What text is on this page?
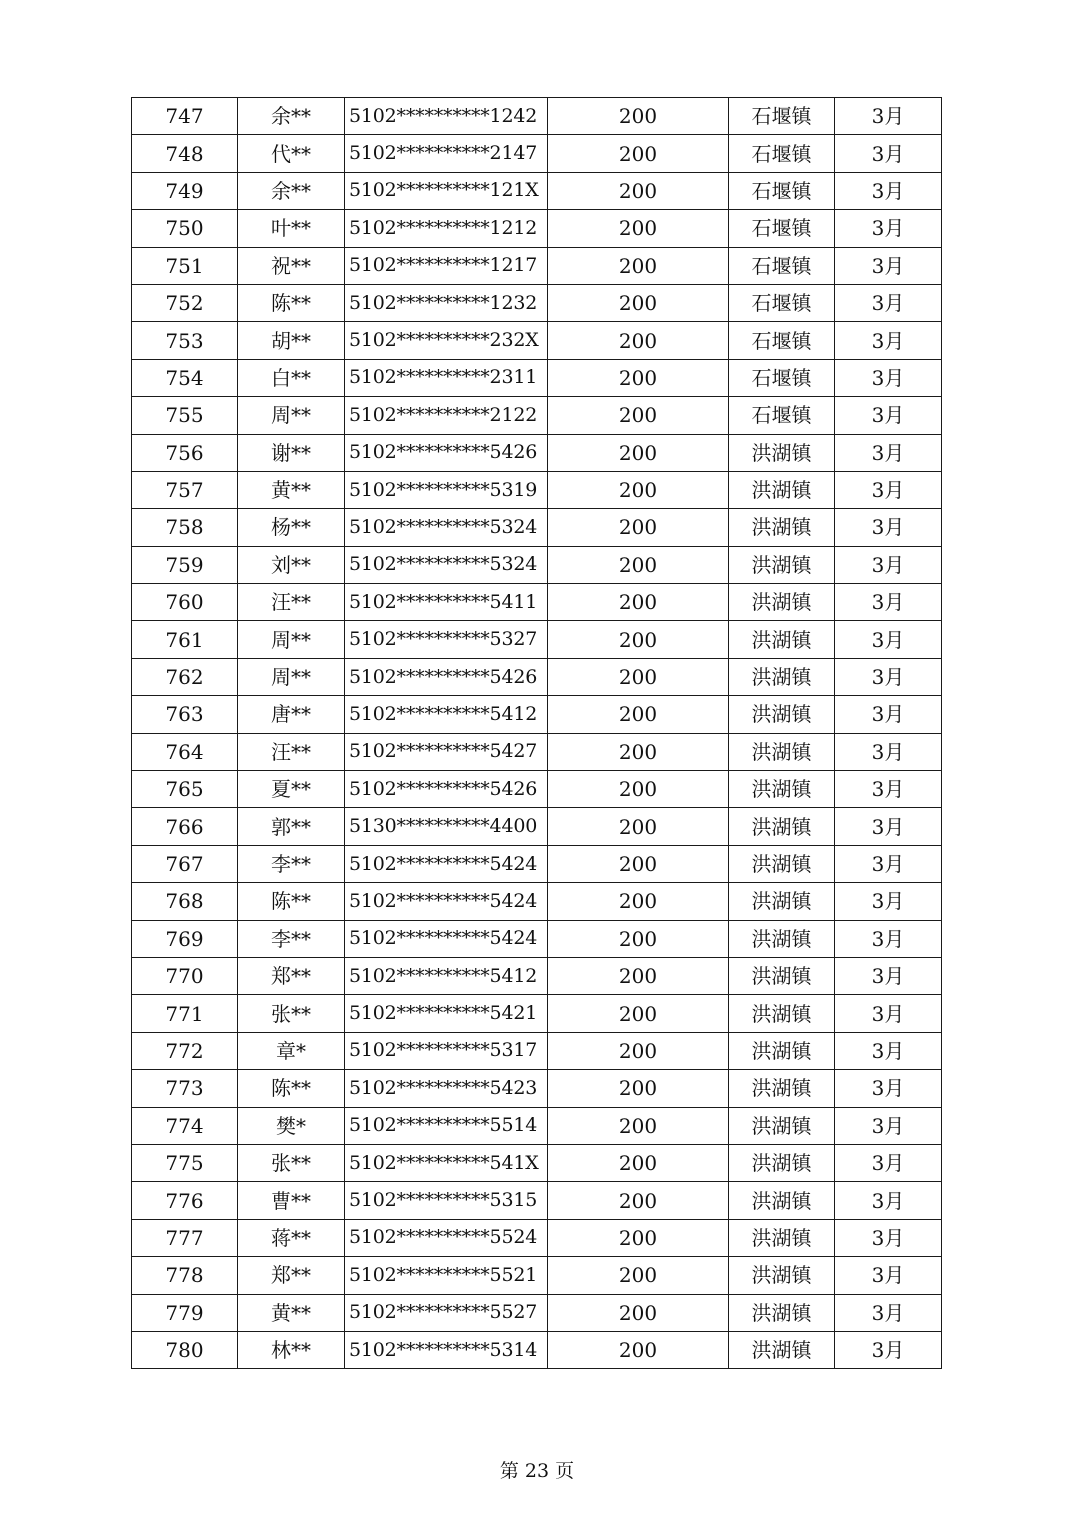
747	余**	5102**********1242	200	石堰镇	3月
748	代**	5102**********2147	200	石堰镇	3月
749	余**	5102**********121X	200	石堰镇	3月
750	叶**	5102**********1212	200	石堰镇	3月
751	祝**	5102**********1217	200	石堰镇	3月
752	陈**	5102**********1232	200	石堰镇	3月
753	胡**	5102**********232X	200	石堰镇	3月
754	白**	5102**********2311	200	石堰镇	3月
755	周**	5102**********2122	200	石堰镇	3月
756	谢**	5102**********5426	200	洪湖镇	3月
757	黄**	5102**********5319	200	洪湖镇	3月
758	杨**	5102**********5324	200	洪湖镇	3月
759	刘**	5102**********5324	200	洪湖镇	3月
760	汪**	5102**********5411	200	洪湖镇	3月
761	周**	5102**********5327	200	洪湖镇	3月
762	周**	5102**********5426	200	洪湖镇	3月
763	唐**	5102**********5412	200	洪湖镇	3月
764	汪**	5102**********5427	200	洪湖镇	3月
765	夏**	5102**********5426	200	洪湖镇	3月
766	郭**	5130**********4400	200	洪湖镇	3月
767	李**	5102**********5424	200	洪湖镇	3月
768	陈**	5102**********5424	200	洪湖镇	3月
769	李**	5102**********5424	200	洪湖镇	3月
770	郑**	5102**********5412	200	洪湖镇	3月
771	张**	5102**********5421	200	洪湖镇	3月
772	章*	5102**********5317	200	洪湖镇	3月
773	陈**	5102**********5423	200	洪湖镇	3月
774	樊*	5102**********5514	200	洪湖镇	3月
775	张**	5102**********541X	200	洪湖镇	3月
776	曹**	5102**********5315	200	洪湖镇	3月
777	蒋**	5102**********5524	200	洪湖镇	3月
778	郑**	5102**********5521	200	洪湖镇	3月
779	黄**	5102**********5527	200	洪湖镇	3月
780	林**	5102**********5314	200	洪湖镇	3月
第 23 页
